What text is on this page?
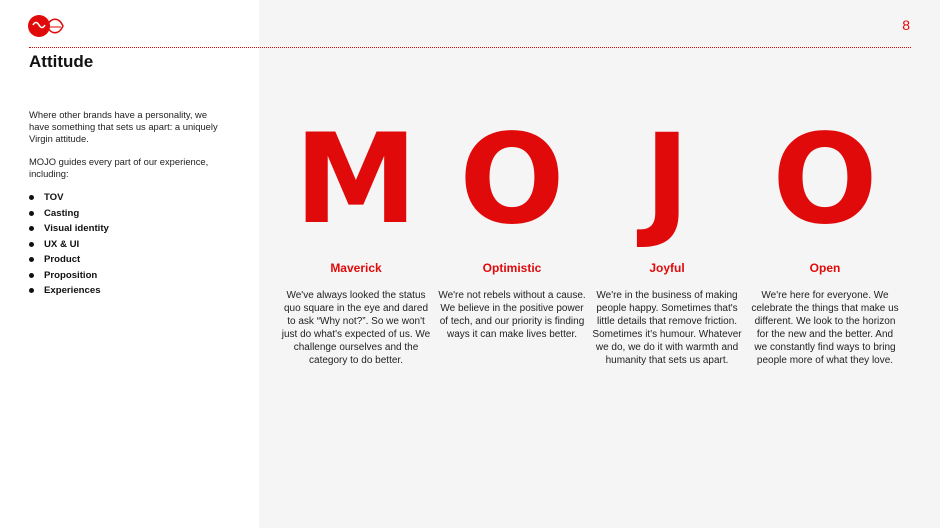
8
Attitude

Where other brands have a personality, we have something that sets us apart: a uniquely Virgin attitude.

MOJO guides every part of our experience, including:

TOV
Casting
Visual identity
UX & UI
Product
Proposition
Experiences
M O J O
Maverick	Optimistic	Joyful	Open
We've always looked the status quo square in the eye and dared to ask “Why not?”. So we won't just do what's expected of us. We challenge ourselves and the category to do better.
We're not rebels without a cause. We believe in the positive power of tech, and our priority is finding ways it can make lives better.
We're in the business of making people happy. Sometimes that's little details that remove friction. Sometimes it's humour. Whatever we do, we do it with warmth and humanity that sets us apart.
We're here for everyone. We celebrate the things that make us different. We look to the horizon for the new and the better. And we constantly find ways to bring people more of what they love.
